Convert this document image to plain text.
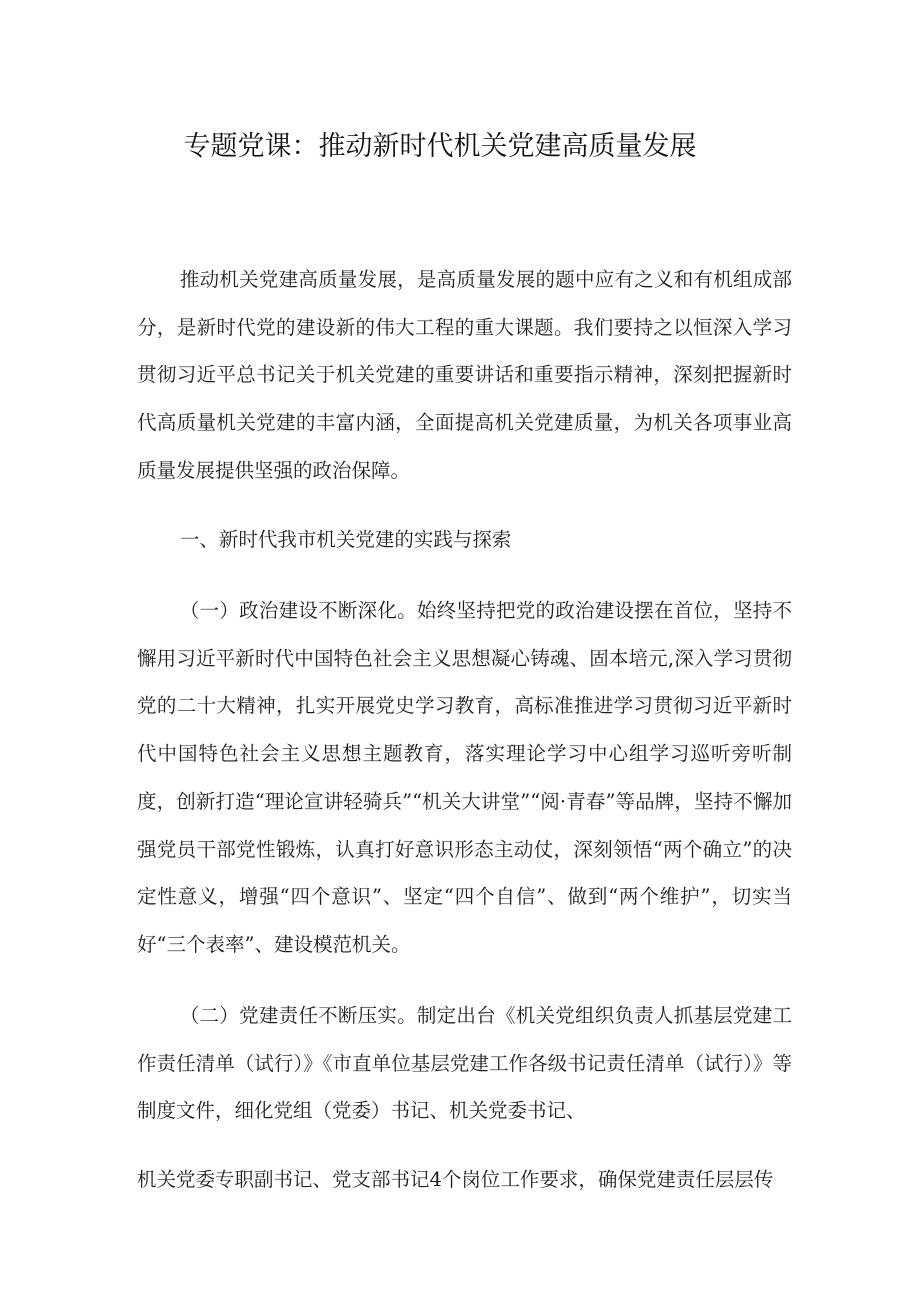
专题党课：推动新时代机关党建高质量发展
推动机关党建高质量发展，是高质量发展的题中应有之义和有机组成部分，是新时代党的建设新的伟大工程的重大课题。我们要持之以恒深入学习贯彻习近平总书记关于机关党建的重要讲话和重要指示精神，深刻把握新时代高质量机关党建的丰富内涵，全面提高机关党建质量，为机关各项事业高质量发展提供坚强的政治保障。
一、新时代我市机关党建的实践与探索
（一）政治建设不断深化。始终坚持把党的政治建设摆在首位，坚持不懈用习近平新时代中国特色社会主义思想凝心铸魂、固本培元,深入学习贯彻党的二十大精神，扎实开展党史学习教育，高标准推进学习贯彻习近平新时代中国特色社会主义思想主题教育，落实理论学习中心组学习巡听旁听制度，创新打造“理论宣讲轻骑兵”“机关大讲堂”“阅·青春”等品牌，坚持不懈加强党员干部党性锻炼，认真打好意识形态主动仗，深刻领悟“两个确立”的决定性意义，增强“四个意识”、坚定“四个自信”、做到“两个维护”，切实当好“三个表率”、建设模范机关。
（二）党建责任不断压实。制定出台《机关党组织负责人抓基层党建工作责任清单（试行）》《市直单位基层党建工作各级书记责任清单（试行）》等制度文件，细化党组（党委）书记、机关党委书记、
机关党委专职副书记、党支部书记4个岗位工作要求，确保党建责任层层传
